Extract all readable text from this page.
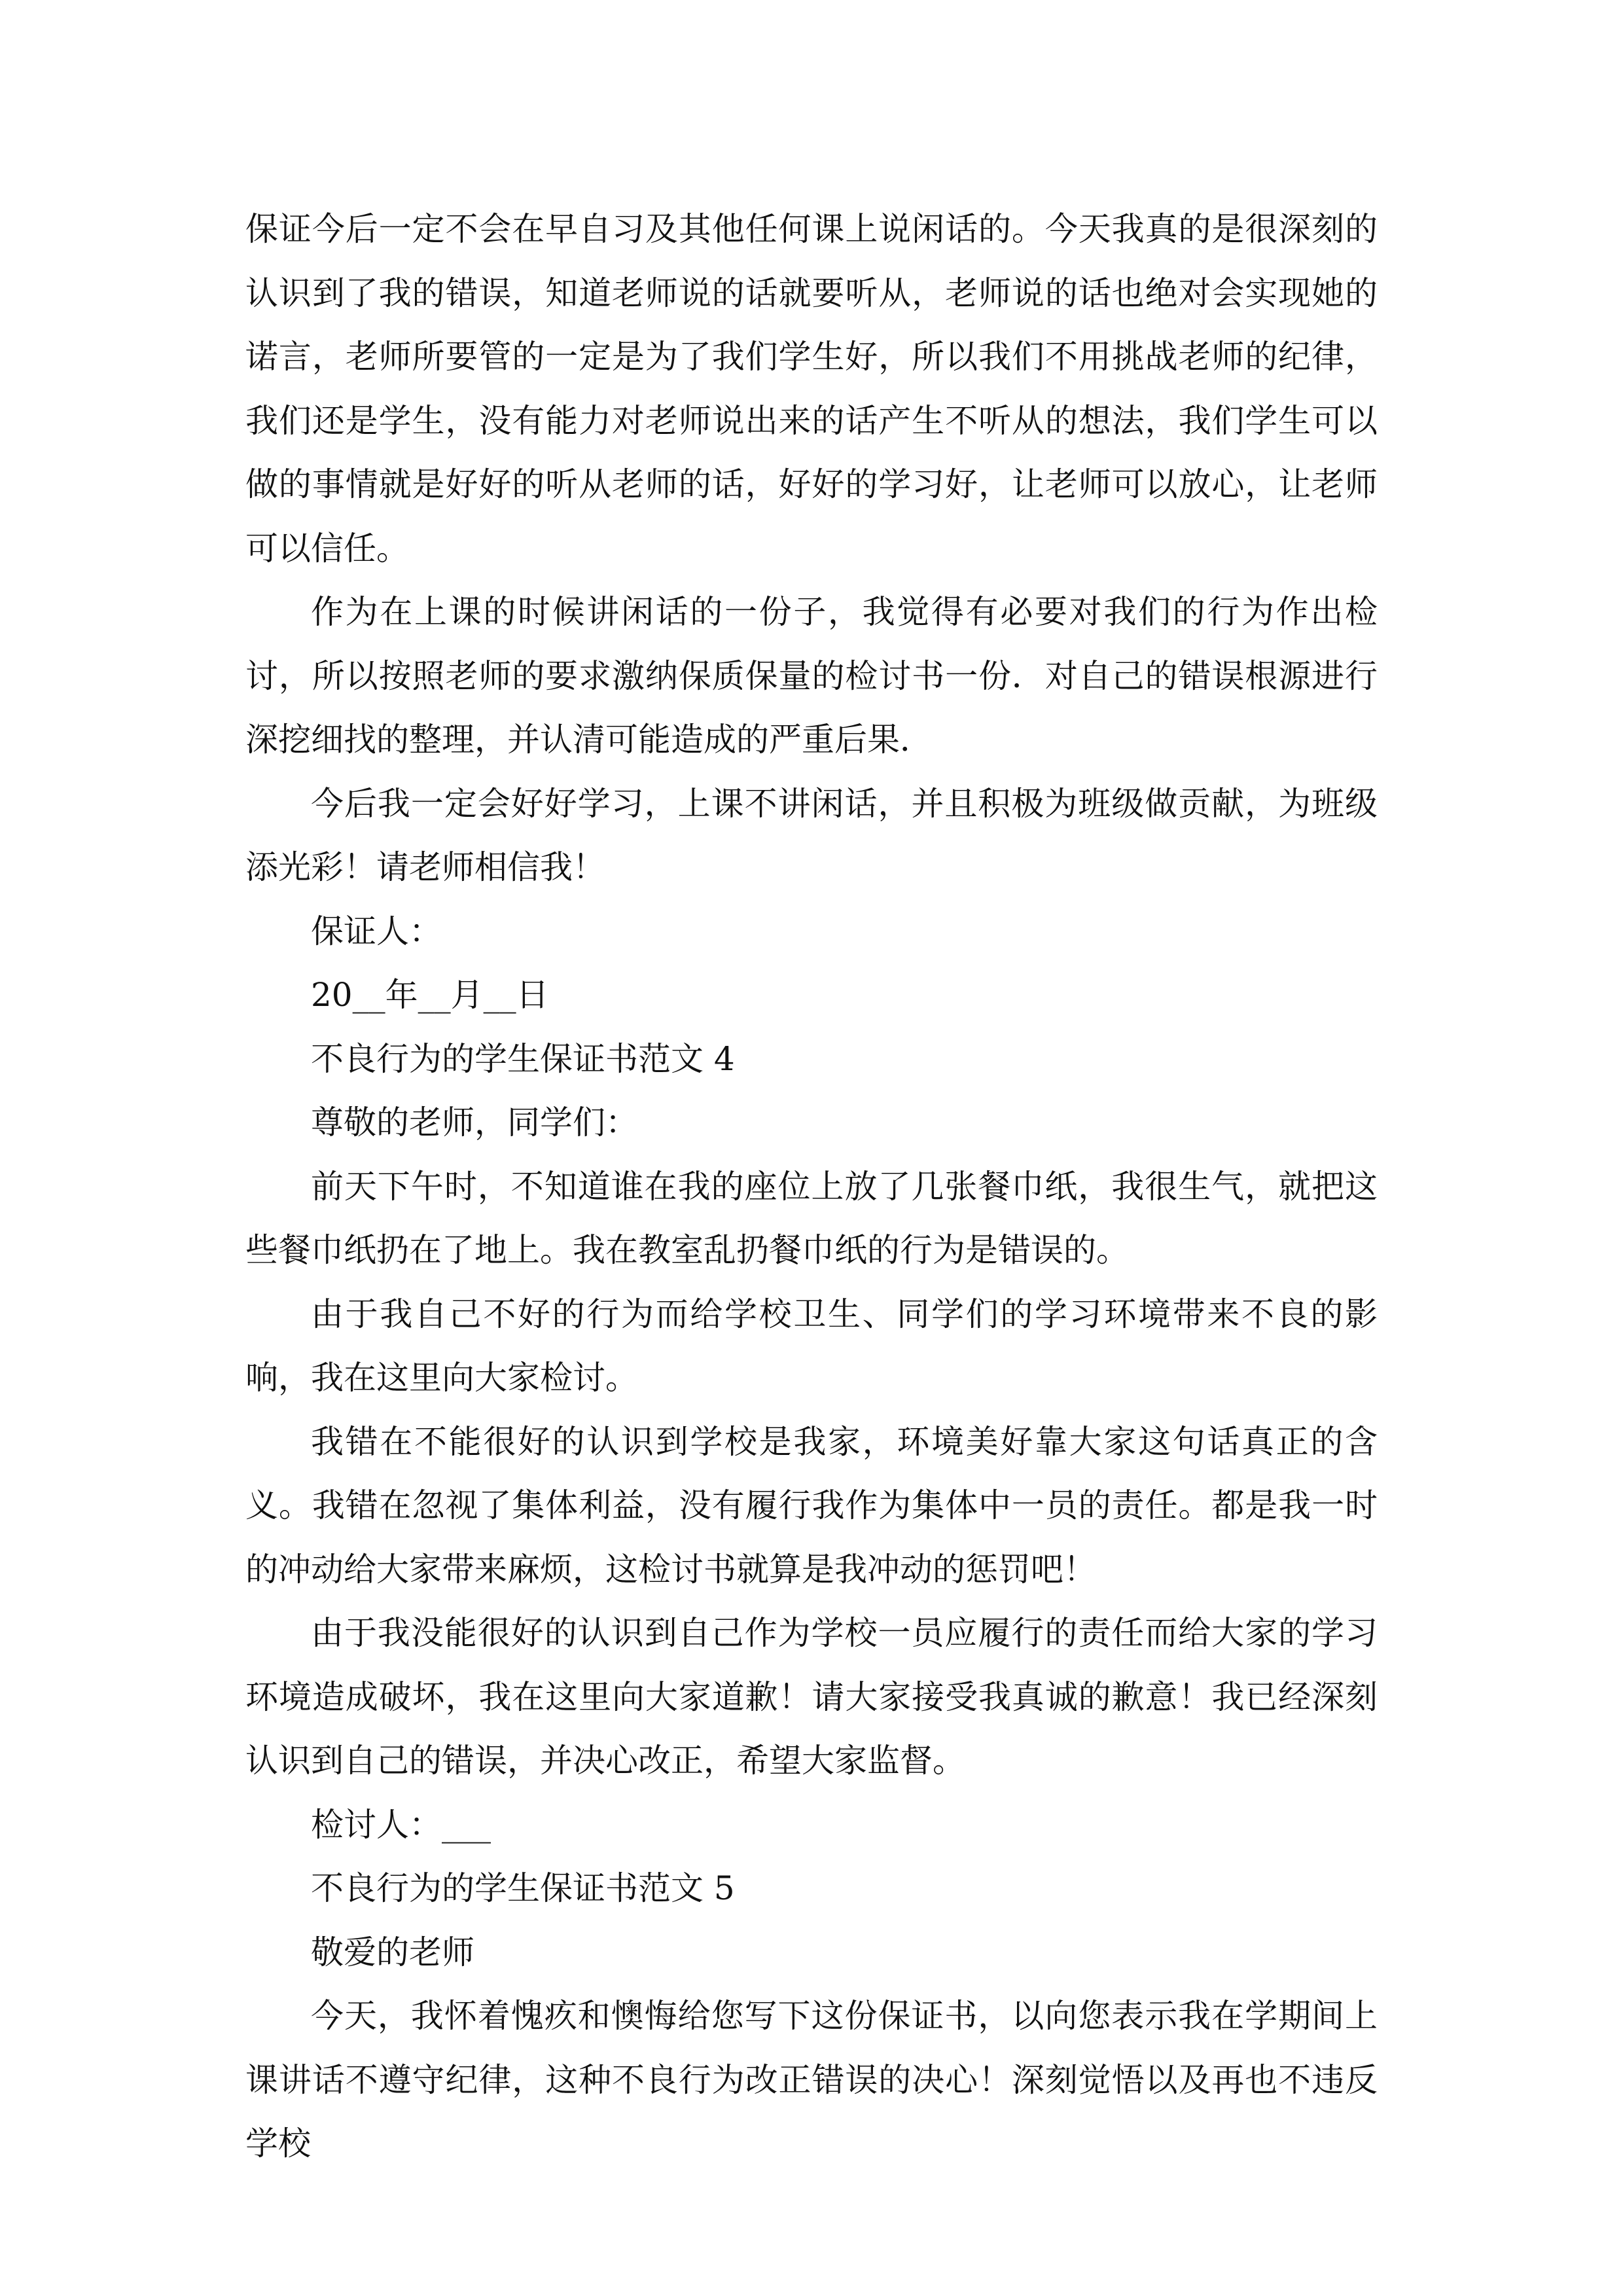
保证今后一定不会在早自习及其他任何课上说闲话的。今天我真的是很深刻的认识到了我的错误，知道老师说的话就要听从，老师说的话也绝对会实现她的诺言，老师所要管的一定是为了我们学生好，所以我们不用挑战老师的纪律，我们还是学生，没有能力对老师说出来的话产生不听从的想法，我们学生可以做的事情就是好好的听从老师的话，好好的学习好，让老师可以放心，让老师可以信任。

作为在上课的时候讲闲话的一份子，我觉得有必要对我们的行为作出检讨，所以按照老师的要求激纳保质保量的检讨书一份．对自己的错误根源进行深挖细找的整理，并认清可能造成的严重后果．

今后我一定会好好学习，上课不讲闲话，并且积极为班级做贡献，为班级添光彩！请老师相信我！

保证人：

20__年__月__日

不良行为的学生保证书范文 4

尊敬的老师，同学们：

前天下午时，不知道谁在我的座位上放了几张餐巾纸，我很生气，就把这些餐巾纸扔在了地上。我在教室乱扔餐巾纸的行为是错误的。

由于我自己不好的行为而给学校卫生、同学们的学习环境带来不良的影响，我在这里向大家检讨。

我错在不能很好的认识到学校是我家，环境美好靠大家这句话真正的含义。我错在忽视了集体利益，没有履行我作为集体中一员的责任。都是我一时的冲动给大家带来麻烦，这检讨书就算是我冲动的惩罚吧！

由于我没能很好的认识到自己作为学校一员应履行的责任而给大家的学习环境造成破坏，我在这里向大家道歉！请大家接受我真诚的歉意！我已经深刻认识到自己的错误，并决心改正，希望大家监督。

检讨人：___

不良行为的学生保证书范文 5

敬爱的老师

今天，我怀着愧疚和懊悔给您写下这份保证书，以向您表示我在学期间上课讲话不遵守纪律，这种不良行为改正错误的决心！深刻觉悟以及再也不违反学校
